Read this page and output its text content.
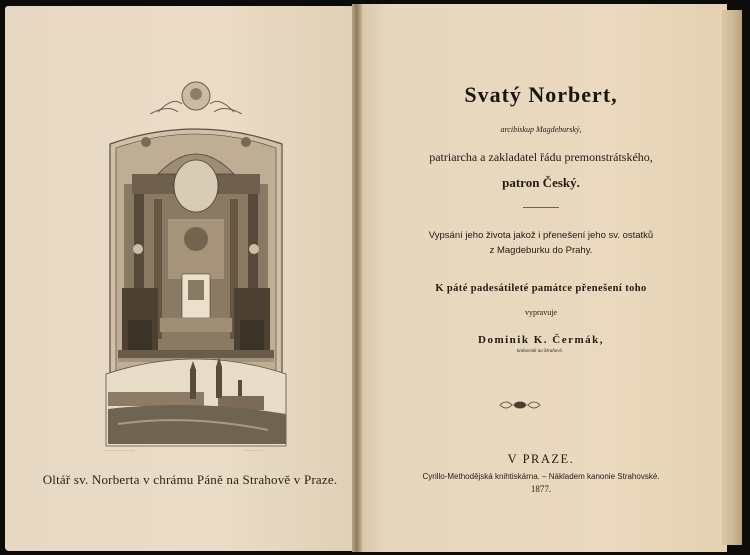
........................	...............
Oltář sv. Norberta v chrámu Páně na Strahově v Praze.
Svatý Norbert,

arcibiskup Magdeburský,

patriarcha a zakladatel řádu premonstrátského,

patron Český.

Vypsání jeho života jakož i přenešení jeho sv. ostatků
z Magdeburku do Prahy.

K páté padesátileté památce přenešení toho

vypravuje

Dominik K. Čermák,

knihovník na Strahově.

V PRAZE.

Cyrillo-Methodějská knihtiskárna. – Nákladem kanonie Strahovské.

1877.
